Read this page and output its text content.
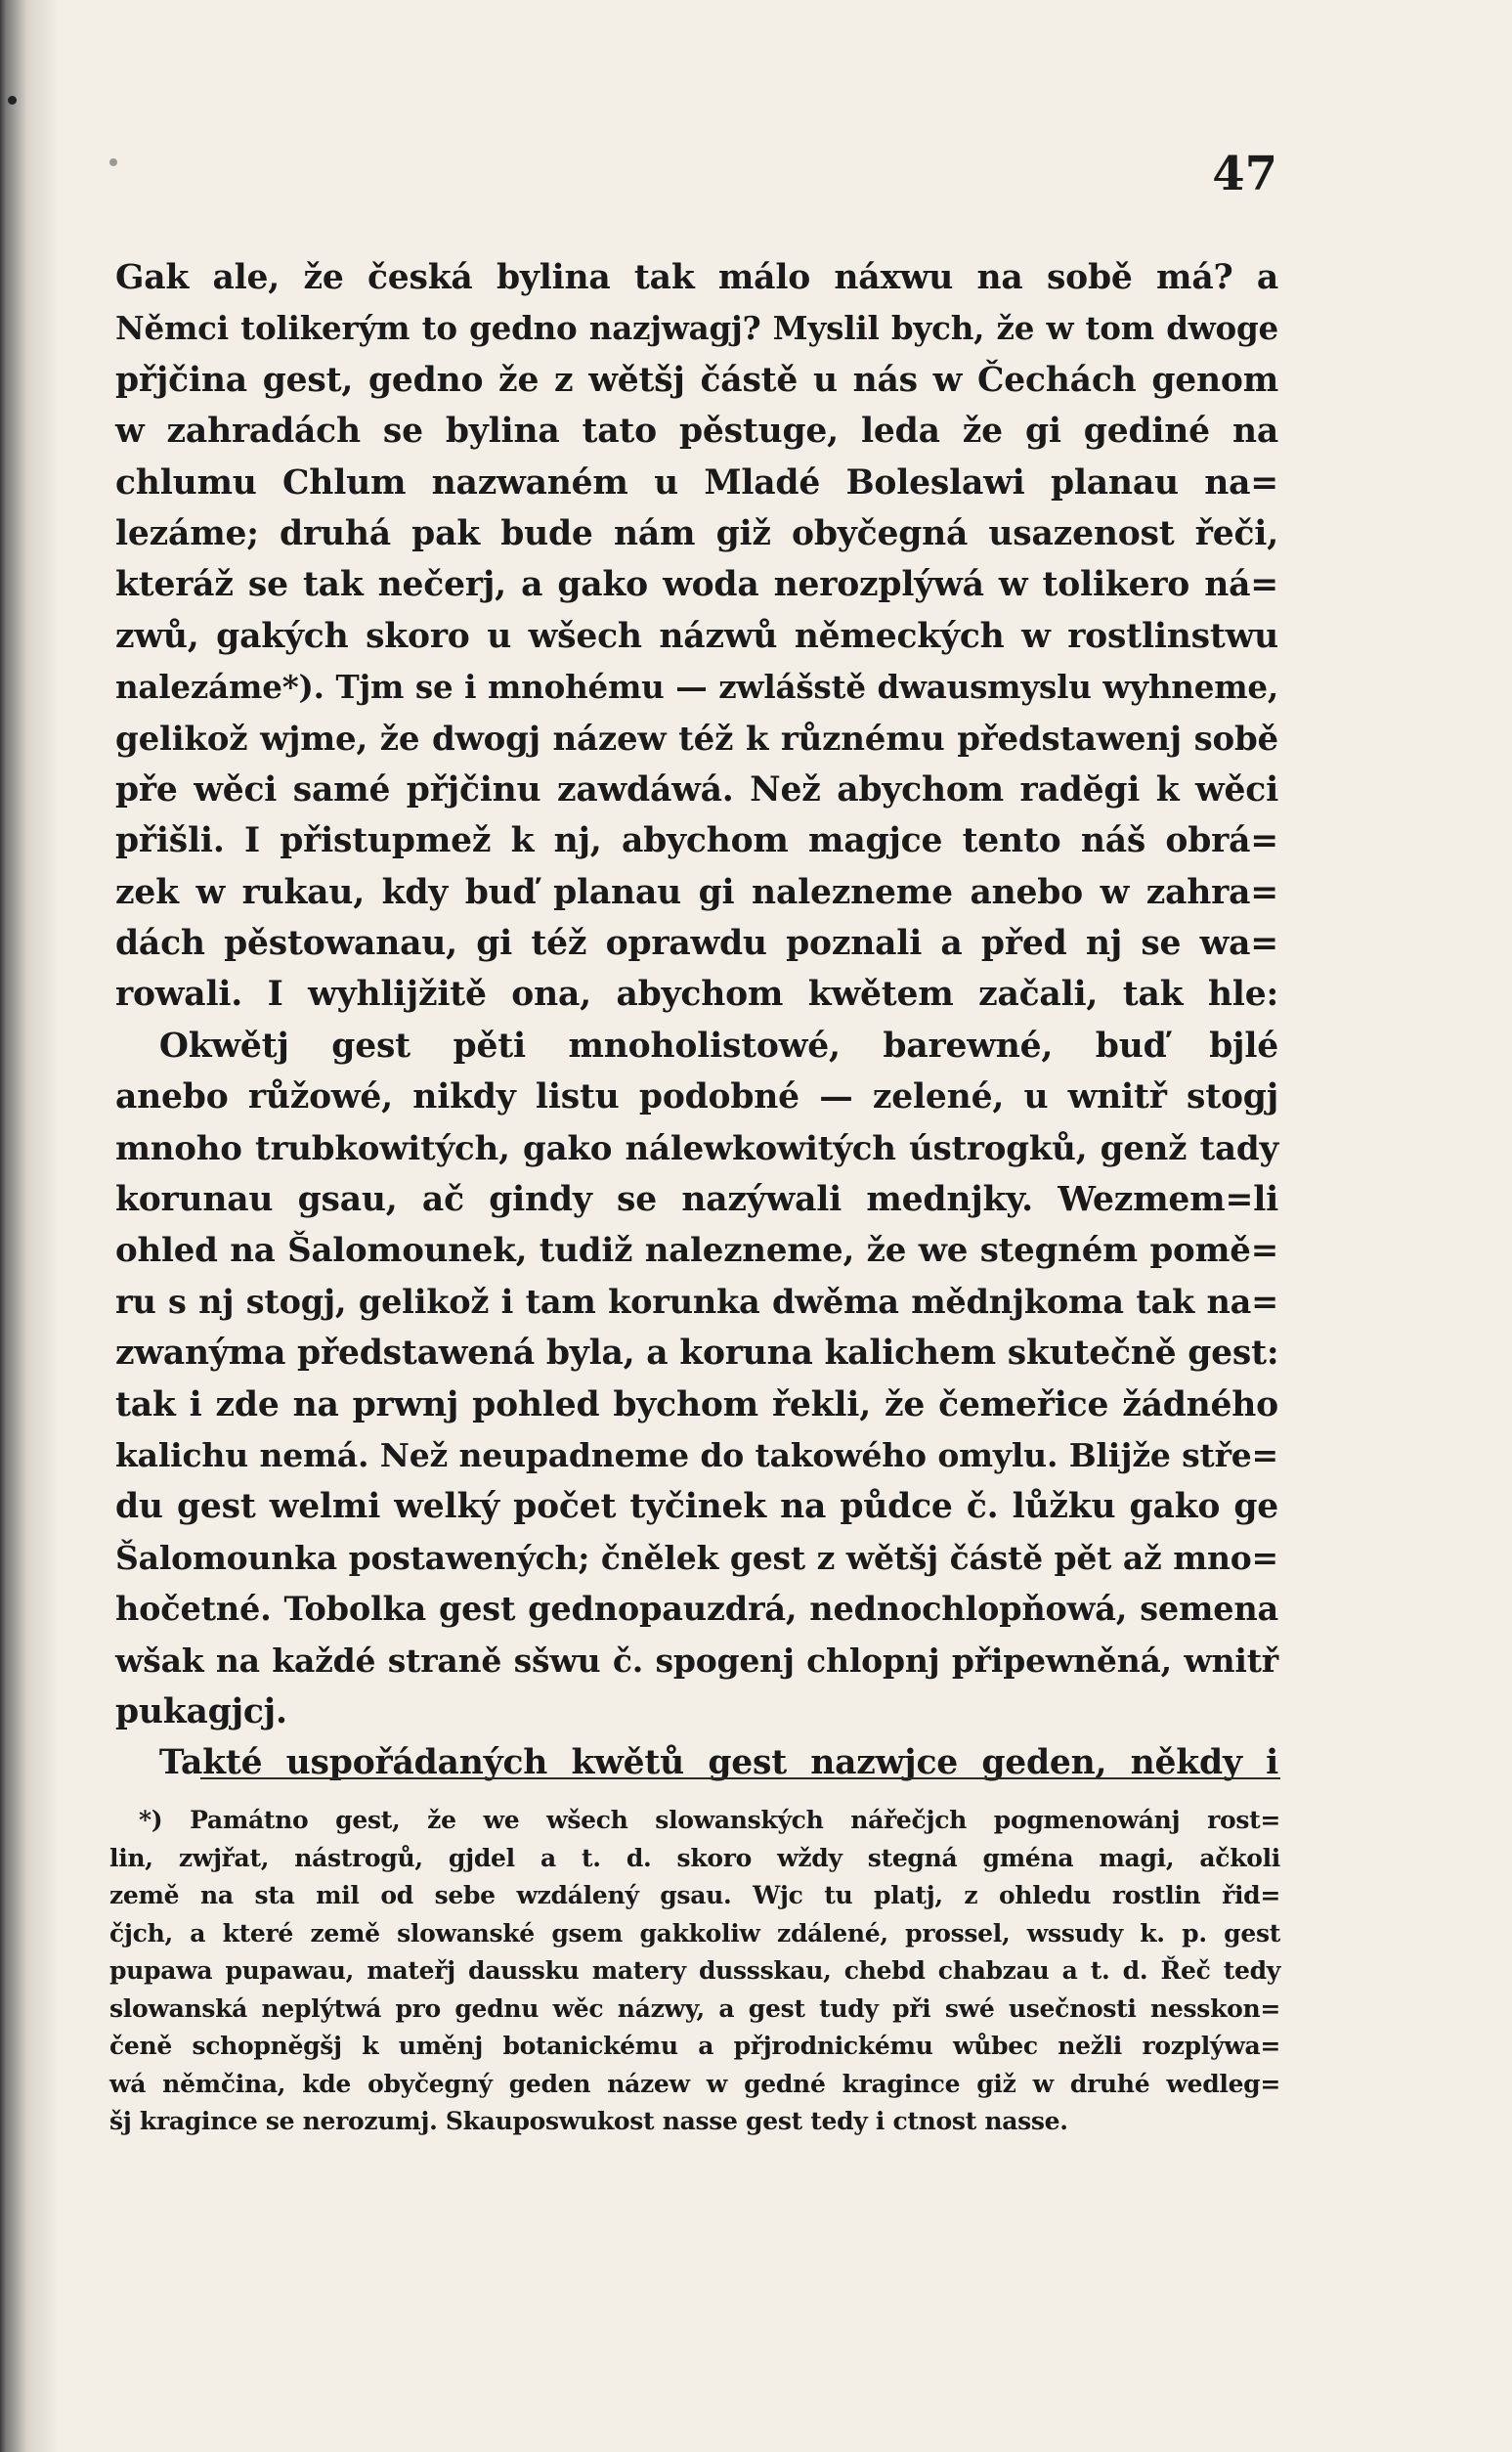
47
Gak ale, že česká bylina tak málo náxwu na sobě má? a
Němci tolikerým to gedno nazjwagj? Myslil bych, že w tom dwoge
přjčina gest, gedno že z wětšj částě u nás w Čechách genom
w zahradách se bylina tato pěstuge, leda že gi gediné na
chlumu Chlum nazwaném u Mladé Boleslawi planau na=
lezáme; druhá pak bude nám giž obyčegná usazenost řeči,
kteráž se tak nečerj, a gako woda nerozplýwá w tolikero ná=
zwů, gakých skoro u wšech názwů německých w rostlinstwu
nalezáme*). Tjm se i mnohému — zwlášstě dwausmyslu wyhneme,
gelikož wjme, že dwogj názew též k různému předstawenj sobě
pře wěci samé přjčinu zawdáwá. Než abychom radĕgi k wěci
přišli. I přistupmež k nj, abychom magjce tento náš obrá=
zek w rukau, kdy buď planau gi nalezneme anebo w zahra=
dách pěstowanau, gi též oprawdu poznali a před nj se wa=
rowali. I wyhlĳžitě ona, abychom kwětem začali, tak hle:
Okwětj gest pěti mnoholistowé, barewné, buď bjlé
anebo růžowé, nikdy listu podobné — zelené, u wnitř stogj
mnoho trubkowitých, gako nálewkowitých ústrogků, genž tady
korunau gsau, ač gindy se nazýwali mednjky. Wezmem=li
ohled na Šalomounek, tudiž nalezneme, že we stegném pomě=
ru s nj stogj, gelikož i tam korunka dwěma mědnjkoma tak na=
zwanýma předstawená byla, a koruna kalichem skutečně gest:
tak i zde na prwnj pohled bychom řekli, že čemeřice žádného
kalichu nemá. Než neupadneme do takowého omylu. Blĳže stře=
du gest welmi welký počet tyčinek na půdce č. lůžku gako ge
Šalomounka postawených; čnělek gest z wětšj částě pět až mno=
hočetné. Tobolka gest gednopauzdrá, nednochlopňowá, semena
wšak na každé straně sšwu č. spogenj chlopnj připewněná, wnitř
pukagjcj.
Takté uspořádaných kwětů gest nazwjce geden, někdy i
*) Památno gest, že we wšech slowanských nářečjch pogmenowánj rost=
lin, zwjřat, nástrogů, gjdel a t. d. skoro wždy stegná gména magi, ačkoli
země na sta mil od sebe wzdálený gsau. Wjc tu platj, z ohledu rostlin řid=
čjch, a které země slowanské gsem gakkoliw zdálené, prossel, wssudy k. p. gest
pupawa pupawau, mateřj daussku matery dussskau, chebd chabzau a t. d. Řeč tedy
slowanská neplýtwá pro gednu wěc názwy, a gest tudy při swé usečnosti nesskon=
čeně schopněgšj k uměnj botanickému a přjrodnickému wůbec nežli rozplýwa=
wá němčina, kde obyčegný geden názew w gedné kragince giž w druhé wedleg=
šj kragince se nerozumj. Skauposwukost nasse gest tedy i ctnost nasse.
